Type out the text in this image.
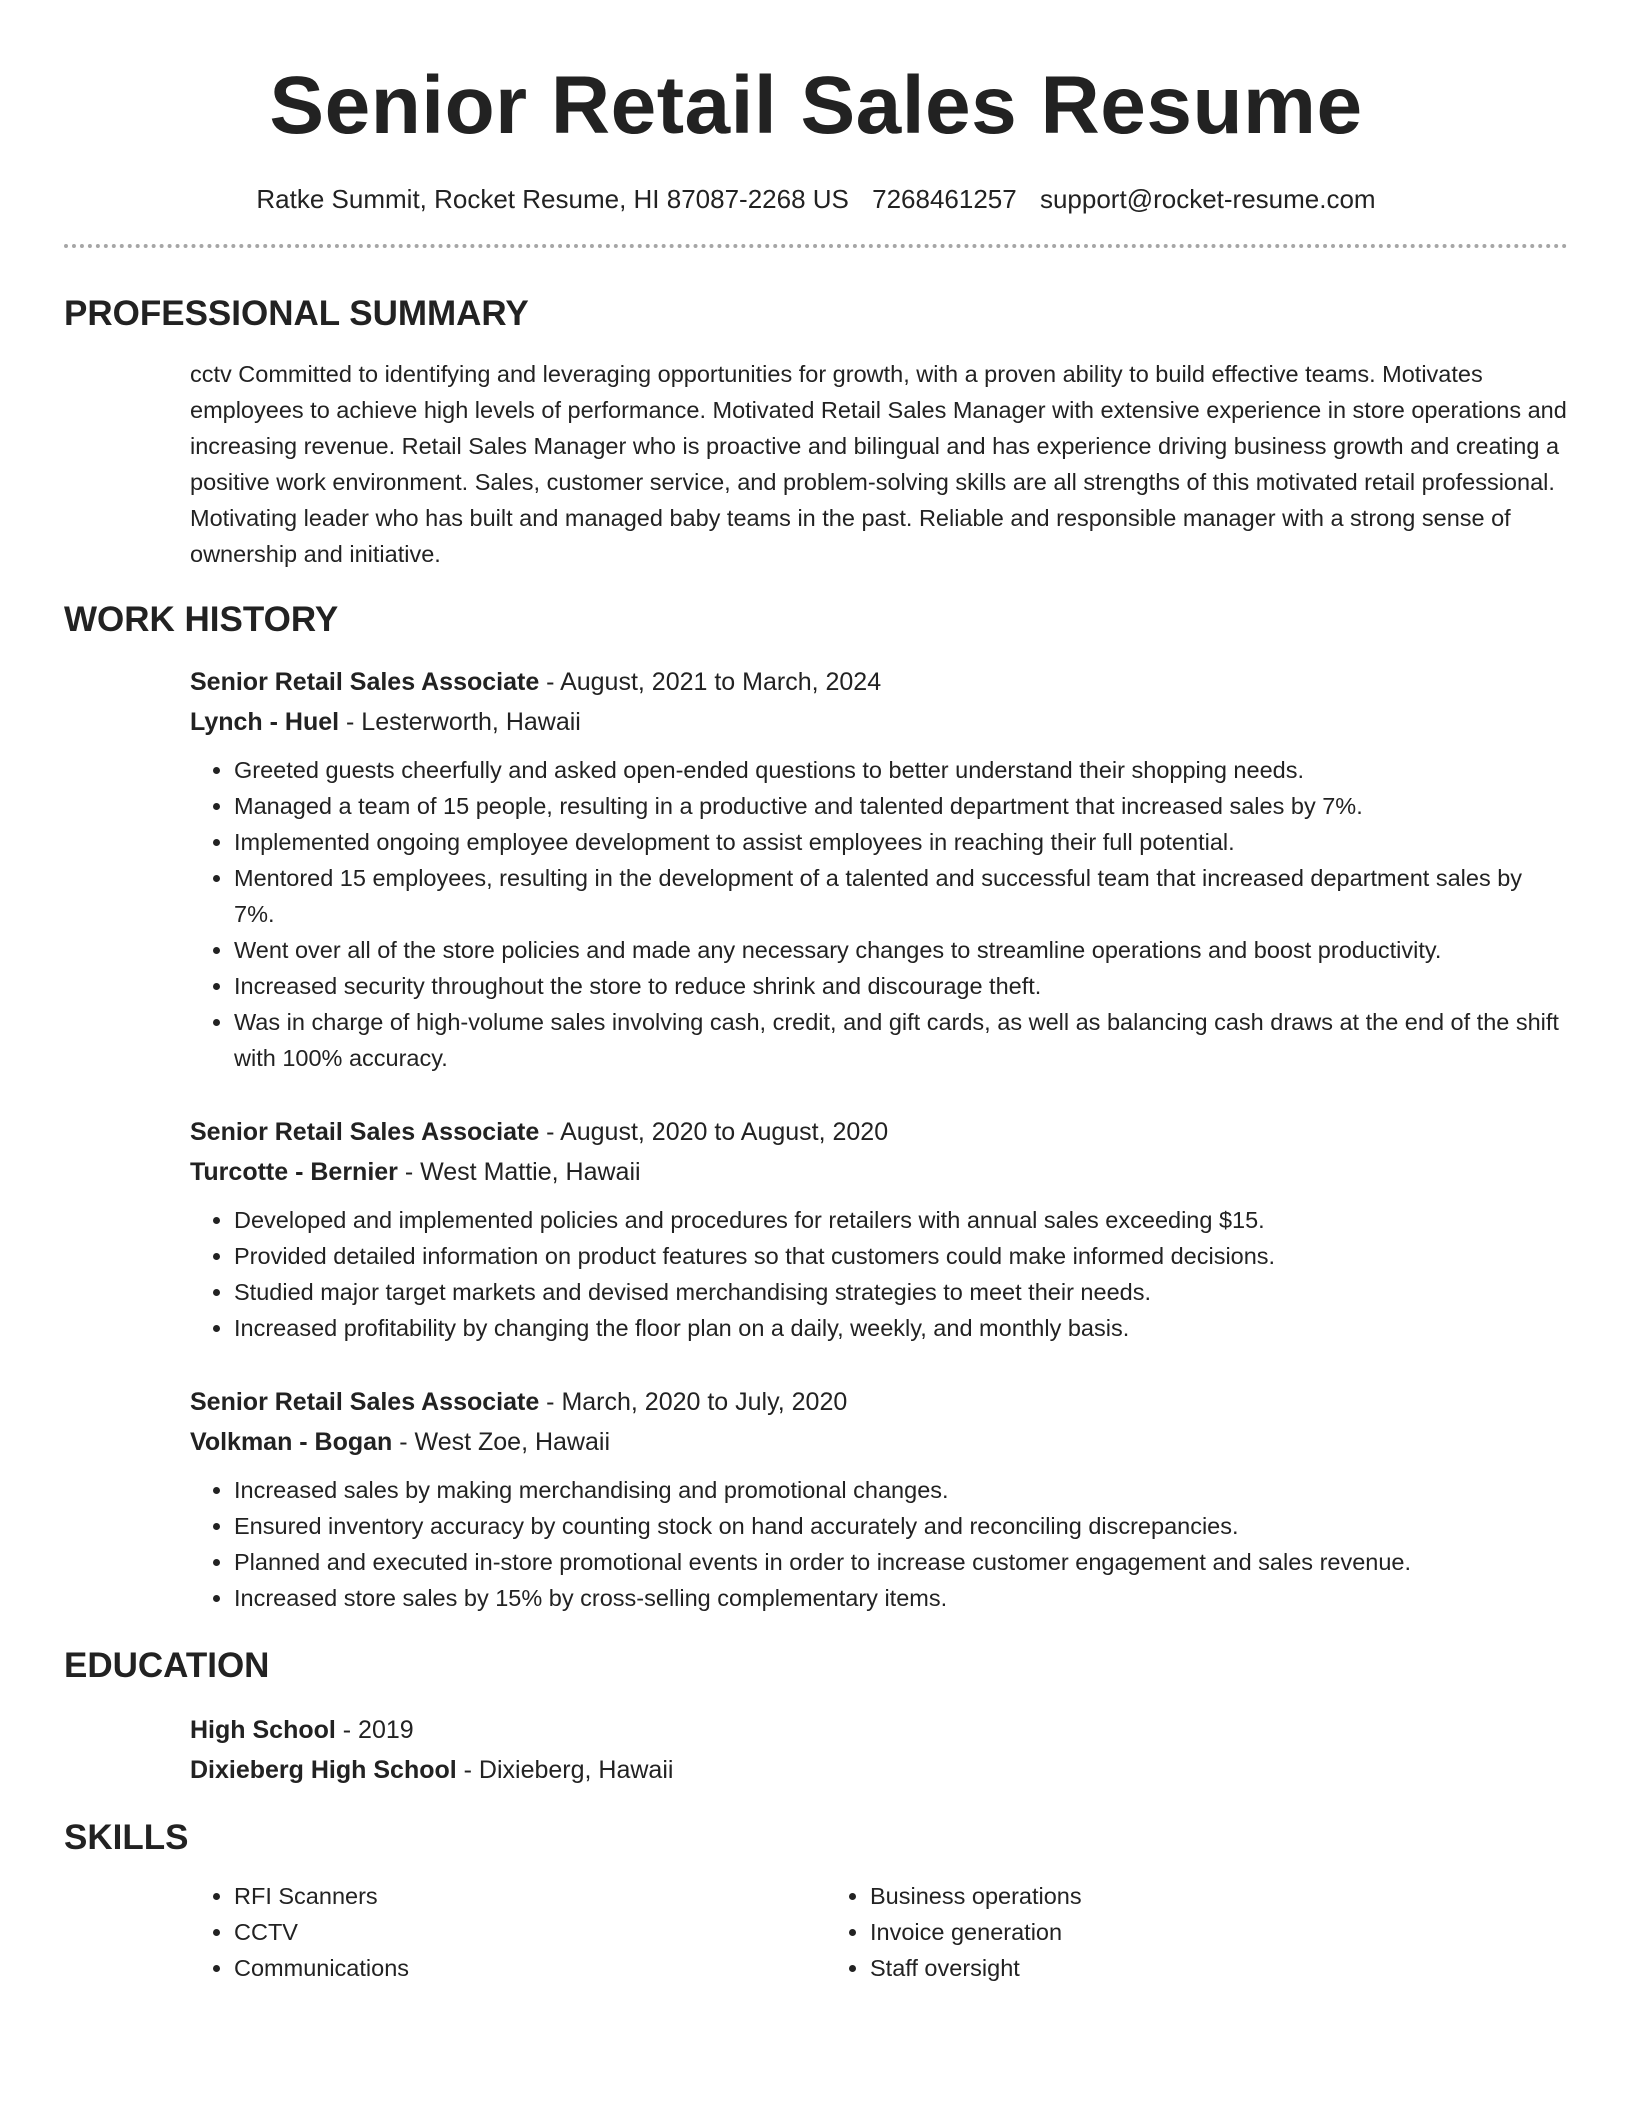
Senior Retail Sales Resume
Ratke Summit, Rocket Resume, HI 87087-2268 US 7268461257 support@rocket-resume.com
PROFESSIONAL SUMMARY

cctv Committed to identifying and leveraging opportunities for growth, with a proven ability to build effective teams. Motivates employees to achieve high levels of performance. Motivated Retail Sales Manager with extensive experience in store operations and increasing revenue. Retail Sales Manager who is proactive and bilingual and has experience driving business growth and creating a positive work environment. Sales, customer service, and problem-solving skills are all strengths of this motivated retail professional. Motivating leader who has built and managed baby teams in the past. Reliable and responsible manager with a strong sense of ownership and initiative.

WORK HISTORY
Senior Retail Sales Associate - August, 2021 to March, 2024
Lynch - Huel - Lesterworth, Hawaii
• Greeted guests cheerfully and asked open-ended questions to better understand their shopping needs.
• Managed a team of 15 people, resulting in a productive and talented department that increased sales by 7%.
• Implemented ongoing employee development to assist employees in reaching their full potential.
• Mentored 15 employees, resulting in the development of a talented and successful team that increased department sales by 7%.
• Went over all of the store policies and made any necessary changes to streamline operations and boost productivity.
• Increased security throughout the store to reduce shrink and discourage theft.
• Was in charge of high-volume sales involving cash, credit, and gift cards, as well as balancing cash draws at the end of the shift with 100% accuracy.
Senior Retail Sales Associate - August, 2020 to August, 2020
Turcotte - Bernier - West Mattie, Hawaii
• Developed and implemented policies and procedures for retailers with annual sales exceeding $15.
• Provided detailed information on product features so that customers could make informed decisions.
• Studied major target markets and devised merchandising strategies to meet their needs.
• Increased profitability by changing the floor plan on a daily, weekly, and monthly basis.
Senior Retail Sales Associate - March, 2020 to July, 2020
Volkman - Bogan - West Zoe, Hawaii
• Increased sales by making merchandising and promotional changes.
• Ensured inventory accuracy by counting stock on hand accurately and reconciling discrepancies.
• Planned and executed in-store promotional events in order to increase customer engagement and sales revenue.
• Increased store sales by 15% by cross-selling complementary items.
EDUCATION
High School - 2019
Dixieberg High School - Dixieberg, Hawaii
SKILLS
• RFI Scanners
• CCTV
• Communications
• Business operations
• Invoice generation
• Staff oversight
